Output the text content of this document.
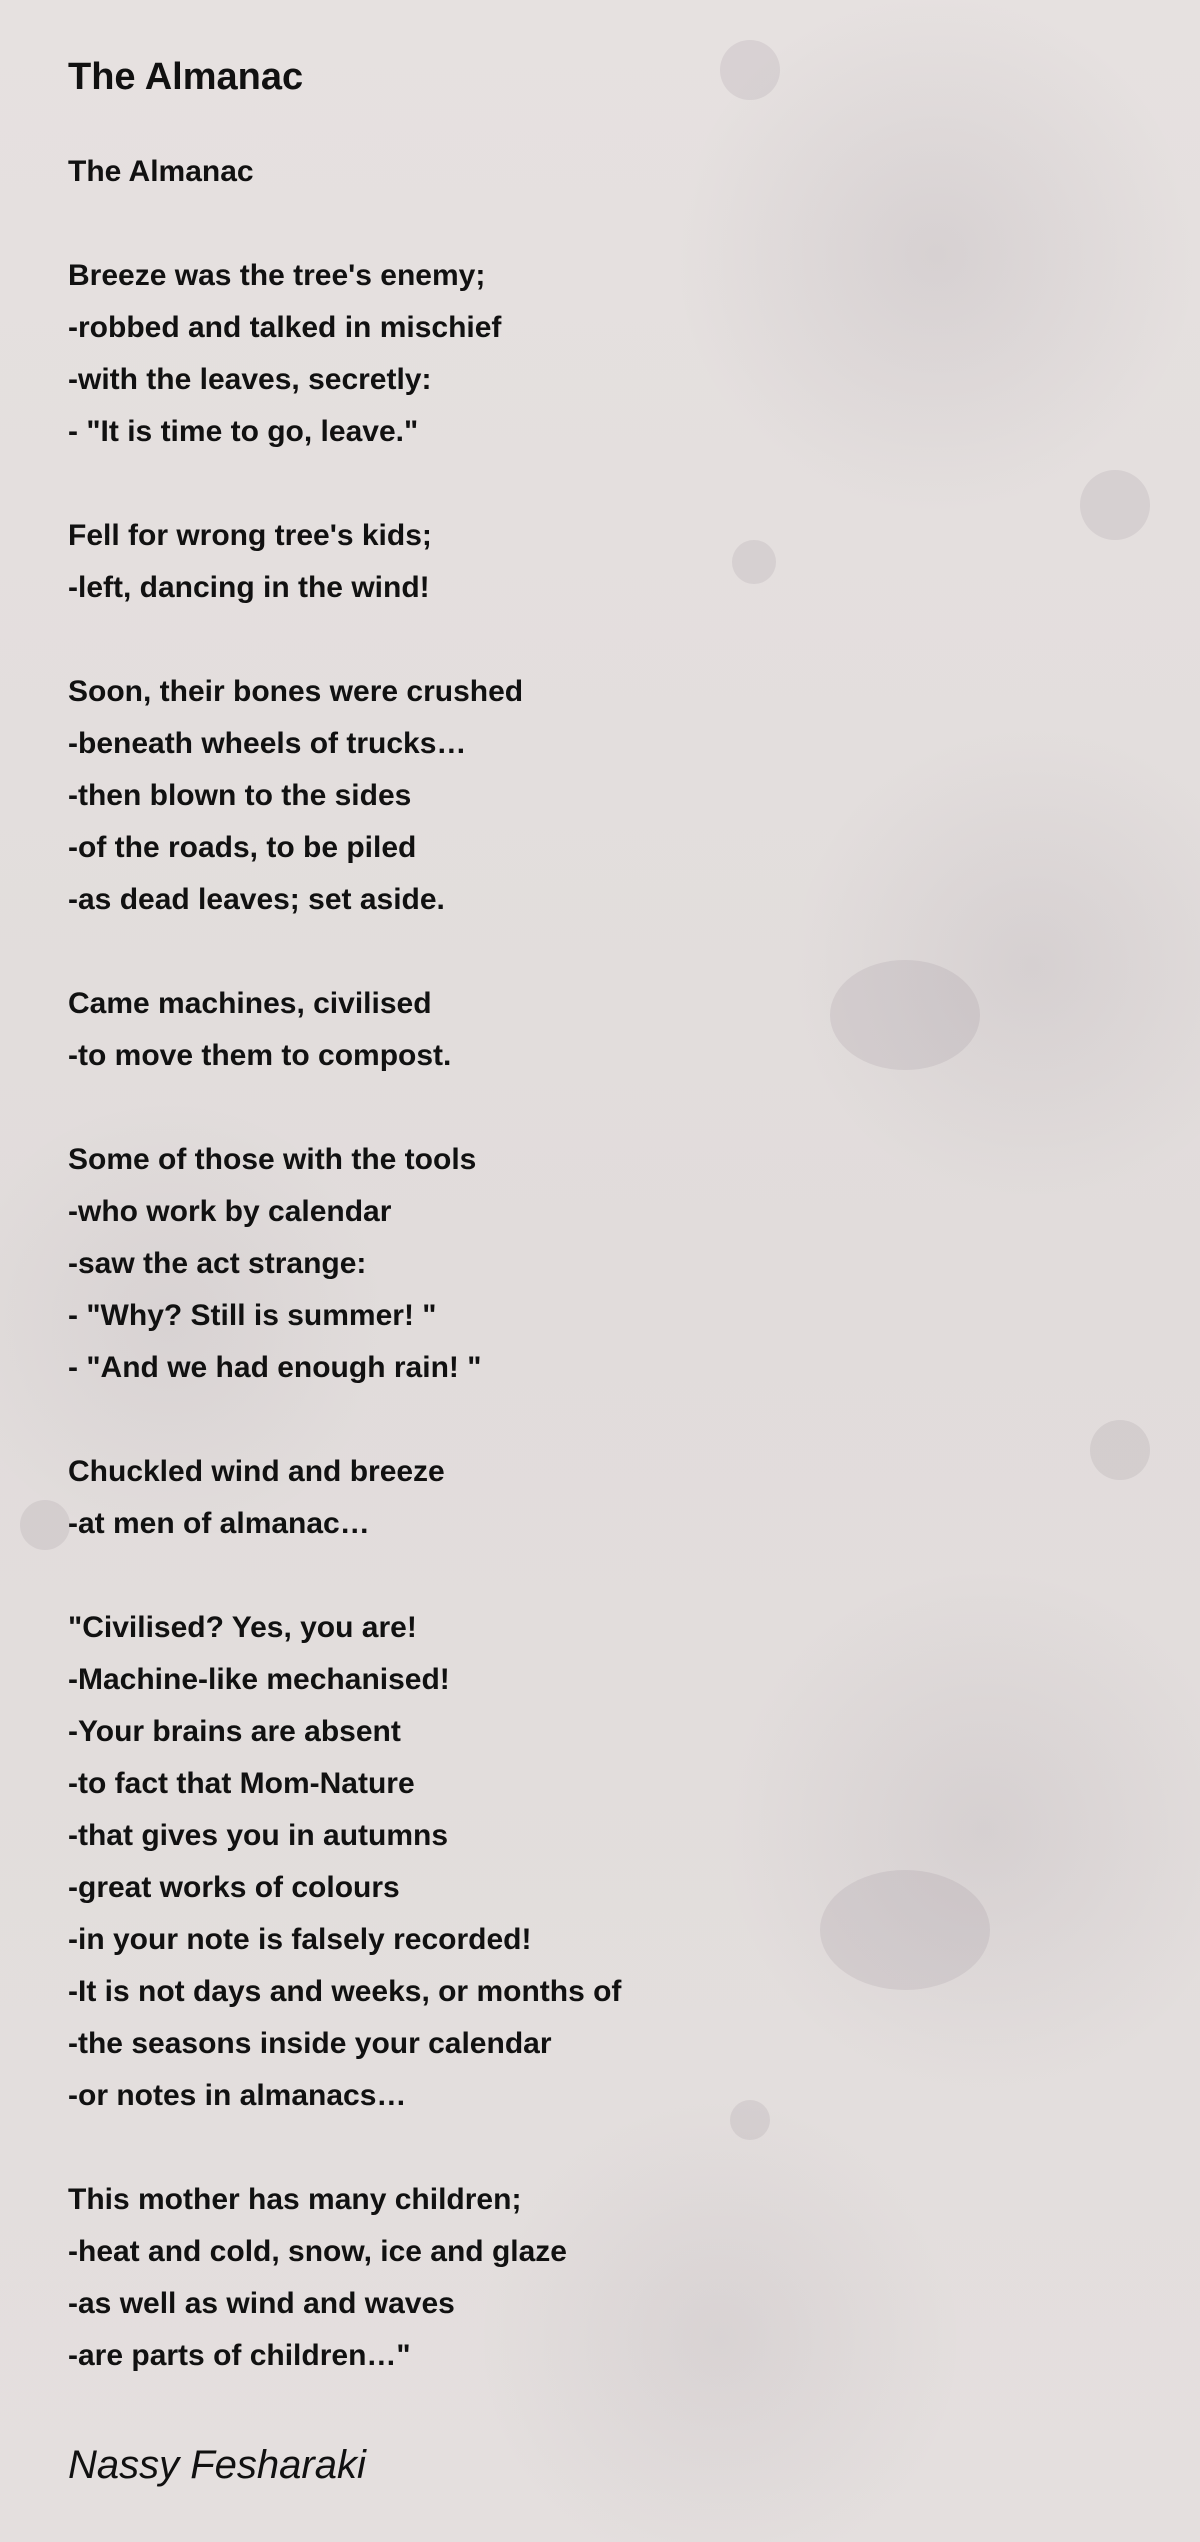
The Almanac
The Almanac

Breeze was the tree's enemy;
-robbed and talked in mischief
-with the leaves, secretly:
- "It is time to go, leave."

Fell for wrong tree's kids;
-left, dancing in the wind!

Soon, their bones were crushed
-beneath wheels of trucks…
-then blown to the sides
-of the roads, to be piled
-as dead leaves; set aside.

Came machines, civilised
-to move them to compost.

Some of those with the tools
-who work by calendar
-saw the act strange:
- "Why? Still is summer! "
- "And we had enough rain! "

Chuckled wind and breeze
-at men of almanac…

"Civilised? Yes, you are!
-Machine-like mechanised!
-Your brains are absent
-to fact that Mom-Nature
-that gives you in autumns
-great works of colours
-in your note is falsely recorded!
-It is not days and weeks, or months of
-the seasons inside your calendar
-or notes in almanacs…

This mother has many children;
-heat and cold, snow, ice and glaze
-as well as wind and waves
-are parts of children…"
Nassy Fesharaki
